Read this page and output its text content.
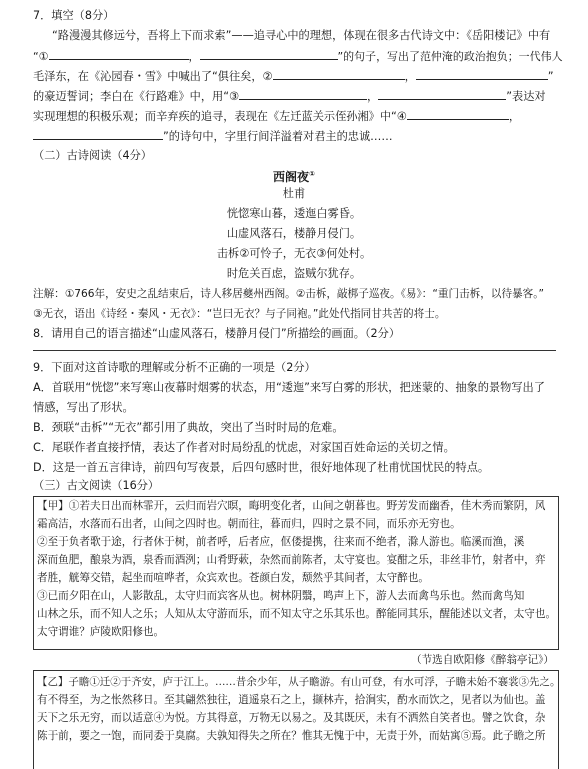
7．填空（8分）
“路漫漫其修远兮，吾将上下而求索”——追寻心中的理想，体现在很多古代诗文中：《岳阳楼记》中有
“①	，	”的句子，写出了范仲淹的政治抱负；一代伟人
毛泽东，在《沁园春・雪》中喊出了“俱往矣，②	，	”
的豪迈誓词；李白在《行路难》中，用“③	，	”表达对
实现理想的积极乐观；而辛弃疾的追寻，表现在《左迁蓝关示侄孙湘》中“④	，
”的诗句中，字里行间洋溢着对君主的忠诚……
（二）古诗阅读（4分）
西阁夜①
杜甫
恍惚寒山暮，逶迤白雾昏。
山虚风落石，楼静月侵门。
击柝②可怜子，无衣③何处村。
时危关百虑，盗贼尔犹存。
注解：①766年，安史之乱结束后，诗人移居夔州西阁。②击柝，敲梆子巡夜。《易》：“重门击柝，以待暴客。”
③无衣，语出《诗经・秦风・无衣》：“岂曰无衣？与子同袍。”此处代指同甘共苦的将士。
8．请用自己的语言描述“山虚风落石，楼静月侵门”所描绘的画面。（2分）
9．下面对这首诗歌的理解或分析不正确的一项是（2分）
A．首联用“恍惚”来写寒山夜幕时烟雾的状态，用“逶迤”来写白雾的形状，把迷蒙的、抽象的景物写出了
情感，写出了形状。
B．颈联“击柝”“无衣”都引用了典故，突出了当时时局的危难。
C．尾联作者直接抒情，表达了作者对时局纷乱的忧虑，对家国百姓命运的关切之情。
D．这是一首五言律诗，前四句写夜景，后四句感时世，很好地体现了杜甫忧国忧民的特点。
（三）古文阅读（16分）
【甲】①若夫日出而林霏开，云归而岩穴暝，晦明变化者，山间之朝暮也。野芳发而幽香，佳木秀而繁阴，风
霜高洁，水落而石出者，山间之四时也。朝而往，暮而归，四时之景不同，而乐亦无穷也。
②至于负者歌于途，行者休于树，前者呼，后者应，伛偻提携，往来而不绝者，滁人游也。临溪而渔，溪
深而鱼肥，酿泉为酒，泉香而酒洌；山肴野蔌，杂然而前陈者，太守宴也。宴酣之乐，非丝非竹，射者中，弈
者胜，觥筹交错，起坐而喧哗者，众宾欢也。苍颜白发，颓然乎其间者，太守醉也。
③已而夕阳在山，人影散乱，太守归而宾客从也。树林阴翳，鸣声上下，游人去而禽鸟乐也。然而禽鸟知
山林之乐，而不知人之乐；人知从太守游而乐，而不知太守之乐其乐也。醉能同其乐，醒能述以文者，太守也。
太守谓谁？庐陵欧阳修也。
（节选自欧阳修《醉翁亭记》）
【乙】子瞻①迁②于齐安，庐于江上。……昔余少年，从子瞻游。有山可登，有水可浮，子瞻未始不褰裳③先之。
有不得至，为之怅然移日。至其翩然独往，逍遥泉石之上，撷林卉，拾涧实，酌水而饮之，见者以为仙也。盖
天下之乐无穷，而以适意④为悦。方其得意，万物无以易之。及其既厌，未有不洒然自笑者也。譬之饮食，杂
陈于前，要之一饱，而同委于臭腐。夫孰知得失之所在？惟其无愧于中，无责于外，而姑寓⑤焉。此子瞻之所
